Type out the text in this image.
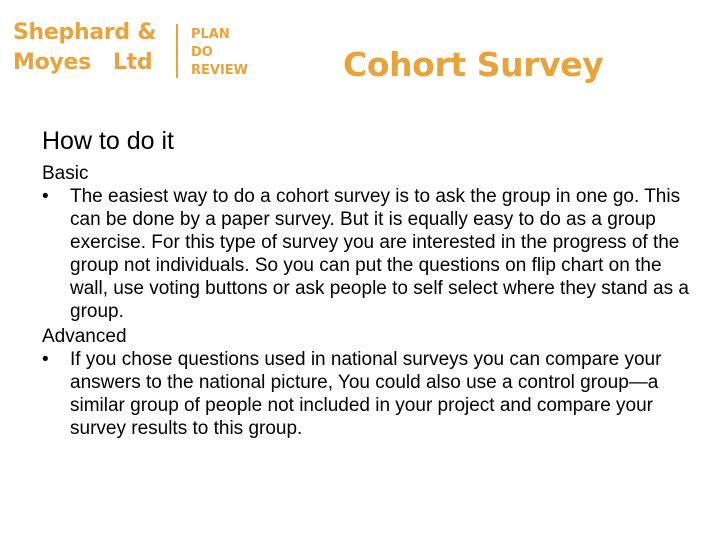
Shephard &
Moyes   Ltd
PLAN
DO
REVIEW	Cohort Survey
How to do it
Basic
• The easiest way to do a cohort survey is to ask the group in one go. This can be done by a paper survey. But it is equally easy to do as a group exercise. For this type of survey you are interested in the progress of the group not individuals. So you can put the questions on flip chart on the wall, use voting buttons or ask people to self select where they stand as a group.
Advanced
• If you chose questions used in national surveys you can compare your answers to the national picture, You could also use a control group—a similar group of people not included in your project and compare your survey results to this group.
